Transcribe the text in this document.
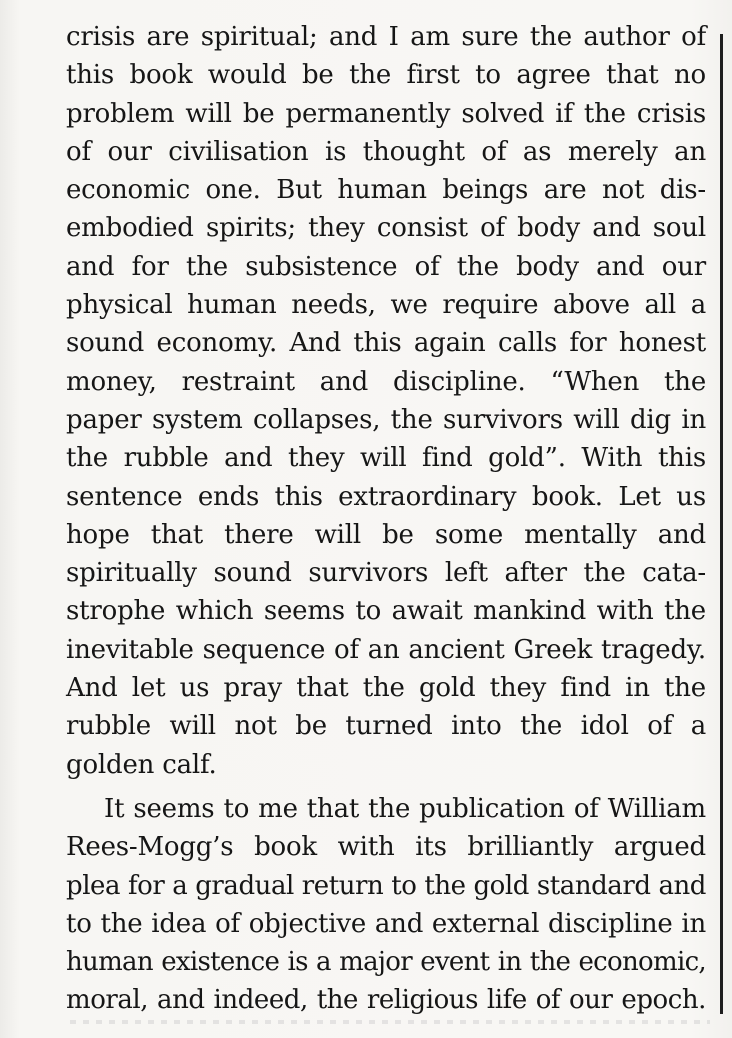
crisis are spiritual; and I am sure the author of
this book would be the first to agree that no
problem will be permanently solved if the crisis
of our civilisation is thought of as merely an
economic one. But human beings are not dis-
embodied spirits; they consist of body and soul
and for the subsistence of the body and our
physical human needs, we require above all a
sound economy. And this again calls for honest
money, restraint and discipline. “When the
paper system collapses, the survivors will dig in
the rubble and they will find gold”. With this
sentence ends this extraordinary book. Let us
hope that there will be some mentally and
spiritually sound survivors left after the cata-
strophe which seems to await mankind with the
inevitable sequence of an ancient Greek tragedy.
And let us pray that the gold they find in the
rubble will not be turned into the idol of a
golden calf.
It seems to me that the publication of William
Rees-Mogg’s book with its brilliantly argued
plea for a gradual return to the gold standard and
to the idea of objective and external discipline in
human existence is a major event in the economic,
moral, and indeed, the religious life of our epoch.
